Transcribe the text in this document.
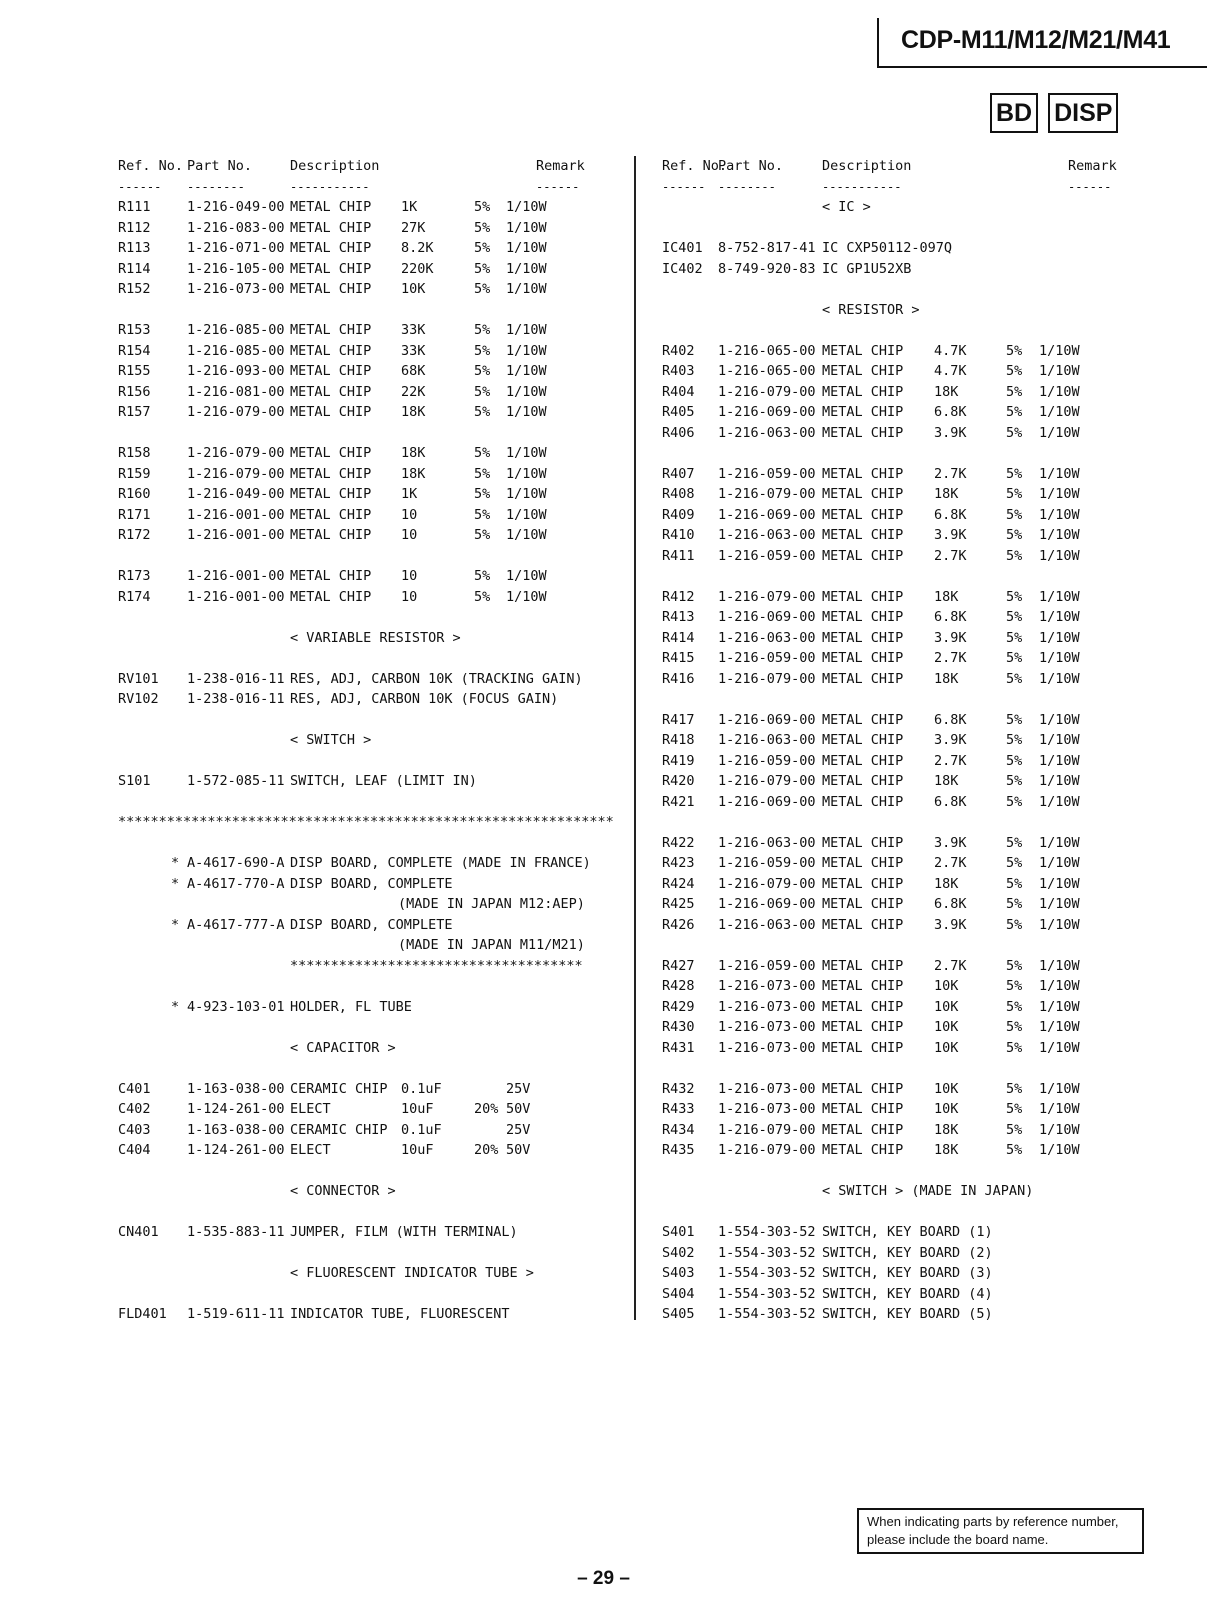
CDP-M11/M12/M21/M41
BD DISP
Ref. No. Part No.	Description	Remark
------ --------	-----------	------
R111	1-216-049-00 METAL CHIP 1K	5% 1/10W
R112	1-216-083-00 METAL CHIP 27K	5% 1/10W
R113	1-216-071-00 METAL CHIP 8.2K	5% 1/10W
R114	1-216-105-00 METAL CHIP 220K	5% 1/10W
R152	1-216-073-00 METAL CHIP 10K	5% 1/10W
R153	1-216-085-00 METAL CHIP 33K	5% 1/10W
R154	1-216-085-00 METAL CHIP 33K	5% 1/10W
R155	1-216-093-00 METAL CHIP 68K	5% 1/10W
R156	1-216-081-00 METAL CHIP 22K	5% 1/10W
R157	1-216-079-00 METAL CHIP 18K	5% 1/10W
R158	1-216-079-00 METAL CHIP 18K	5% 1/10W
R159	1-216-079-00 METAL CHIP 18K	5% 1/10W
R160	1-216-049-00 METAL CHIP 1K	5% 1/10W
R171	1-216-001-00 METAL CHIP 10	5% 1/10W
R172	1-216-001-00 METAL CHIP 10	5% 1/10W
R173	1-216-001-00 METAL CHIP 10	5% 1/10W
R174	1-216-001-00 METAL CHIP 10	5% 1/10W
< VARIABLE RESISTOR >
RV101 1-238-016-11 RES, ADJ, CARBON 10K (TRACKING GAIN)
RV102 1-238-016-11 RES, ADJ, CARBON 10K (FOCUS GAIN)
< SWITCH >
S101	1-572-085-11 SWITCH, LEAF (LIMIT IN)
*************************************************************
* A-4617-690-A DISP BOARD, COMPLETE (MADE IN FRANCE)
* A-4617-770-A DISP BOARD, COMPLETE
(MADE IN JAPAN M12:AEP)
* A-4617-777-A DISP BOARD, COMPLETE
(MADE IN JAPAN M11/M21)
************************************
* 4-923-103-01 HOLDER, FL TUBE
< CAPACITOR >
C401	1-163-038-00 CERAMIC CHIP 0.1uF	25V
C402	1-124-261-00 ELECT	10uF	20% 50V
C403	1-163-038-00 CERAMIC CHIP 0.1uF	25V
C404	1-124-261-00 ELECT	10uF	20% 50V
< CONNECTOR >
CN401 1-535-883-11 JUMPER, FILM (WITH TERMINAL)
< FLUORESCENT INDICATOR TUBE >
FLD401 1-519-611-11 INDICATOR TUBE, FLUORESCENT
Ref. No.
Part No.	Description	Remark
------ --------	-----------	------
< IC >
IC401 8-752-817-41 IC CXP50112-097Q
IC402 8-749-920-83 IC GP1U52XB
< RESISTOR >
R402 1-216-065-00 METAL CHIP 4.7K	5% 1/10W
R403 1-216-065-00 METAL CHIP 4.7K	5% 1/10W
R404 1-216-079-00 METAL CHIP 18K	5% 1/10W
R405 1-216-069-00 METAL CHIP 6.8K	5% 1/10W
R406 1-216-063-00 METAL CHIP 3.9K	5% 1/10W
R407 1-216-059-00 METAL CHIP 2.7K	5% 1/10W
R408 1-216-079-00 METAL CHIP 18K	5% 1/10W
R409 1-216-069-00 METAL CHIP 6.8K	5% 1/10W
R410 1-216-063-00 METAL CHIP 3.9K	5% 1/10W
R411 1-216-059-00 METAL CHIP 2.7K	5% 1/10W
R412 1-216-079-00 METAL CHIP 18K	5% 1/10W
R413 1-216-069-00 METAL CHIP 6.8K	5% 1/10W
R414 1-216-063-00 METAL CHIP 3.9K	5% 1/10W
R415 1-216-059-00 METAL CHIP 2.7K	5% 1/10W
R416 1-216-079-00 METAL CHIP 18K	5% 1/10W
R417 1-216-069-00 METAL CHIP 6.8K	5% 1/10W
R418 1-216-063-00 METAL CHIP 3.9K	5% 1/10W
R419 1-216-059-00 METAL CHIP 2.7K	5% 1/10W
R420 1-216-079-00 METAL CHIP 18K	5% 1/10W
R421 1-216-069-00 METAL CHIP 6.8K	5% 1/10W
R422 1-216-063-00 METAL CHIP 3.9K	5% 1/10W
R423 1-216-059-00 METAL CHIP 2.7K	5% 1/10W
R424 1-216-079-00 METAL CHIP 18K	5% 1/10W
R425 1-216-069-00 METAL CHIP 6.8K	5% 1/10W
R426 1-216-063-00 METAL CHIP 3.9K	5% 1/10W
R427 1-216-059-00 METAL CHIP 2.7K	5% 1/10W
R428 1-216-073-00 METAL CHIP 10K	5% 1/10W
R429 1-216-073-00 METAL CHIP 10K	5% 1/10W
R430 1-216-073-00 METAL CHIP 10K	5% 1/10W
R431 1-216-073-00 METAL CHIP 10K	5% 1/10W
R432 1-216-073-00 METAL CHIP 10K	5% 1/10W
R433 1-216-073-00 METAL CHIP 10K	5% 1/10W
R434 1-216-079-00 METAL CHIP 18K	5% 1/10W
R435 1-216-079-00 METAL CHIP 18K	5% 1/10W
< SWITCH > (MADE IN JAPAN)
S401 1-554-303-52 SWITCH, KEY BOARD (1)
S402 1-554-303-52 SWITCH, KEY BOARD (2)
S403 1-554-303-52 SWITCH, KEY BOARD (3)
S404 1-554-303-52 SWITCH, KEY BOARD (4)
S405 1-554-303-52 SWITCH, KEY BOARD (5)
When indicating parts by reference number, please include the board name.
– 29 –
